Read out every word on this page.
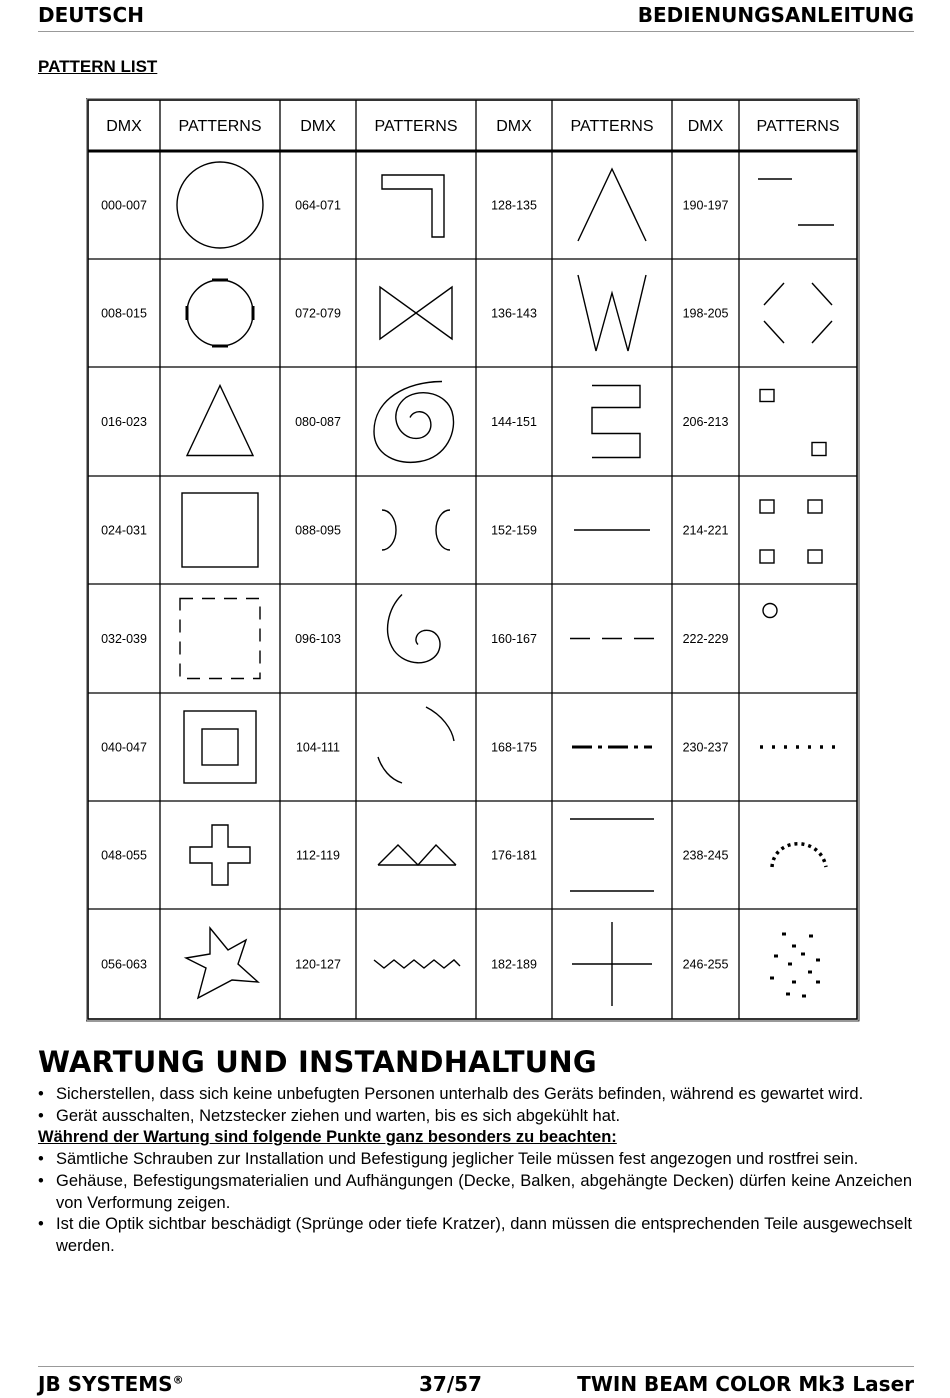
DEUTSCH	BEDIENUNGSANLEITUNG
PATTERN LIST
DMX PATTERNS DMX PATTERNS DMX PATTERNS DMX PATTERNS
000-007	064-071	128-135	190-197
008-015	072-079	136-143	198-205
016-023	080-087	144-151	206-213
024-031	088-095	152-159	214-221
032-039	096-103	160-167	222-229
040-047	104-111	168-175	230-237
048-055	112-119	176-181	238-245
056-063	120-127	182-189	246-255
WARTUNG UND INSTANDHALTUNG
• Sicherstellen, dass sich keine unbefugten Personen unterhalb des Geräts befinden, während es gewartet wird.
• Gerät ausschalten, Netzstecker ziehen und warten, bis es sich abgekühlt hat.
Während der Wartung sind folgende Punkte ganz besonders zu beachten:
• Sämtliche Schrauben zur Installation und Befestigung jeglicher Teile müssen fest angezogen und rostfrei sein.
• Gehäuse, Befestigungsmaterialien und Aufhängungen (Decke, Balken, abgehängte Decken) dürfen keine Anzeichen von Verformung zeigen.
• Ist die Optik sichtbar beschädigt (Sprünge oder tiefe Kratzer), dann müssen die entsprechenden Teile ausgewechselt werden.
JB SYSTEMS®	37/57	TWIN BEAM COLOR Mk3 Laser
